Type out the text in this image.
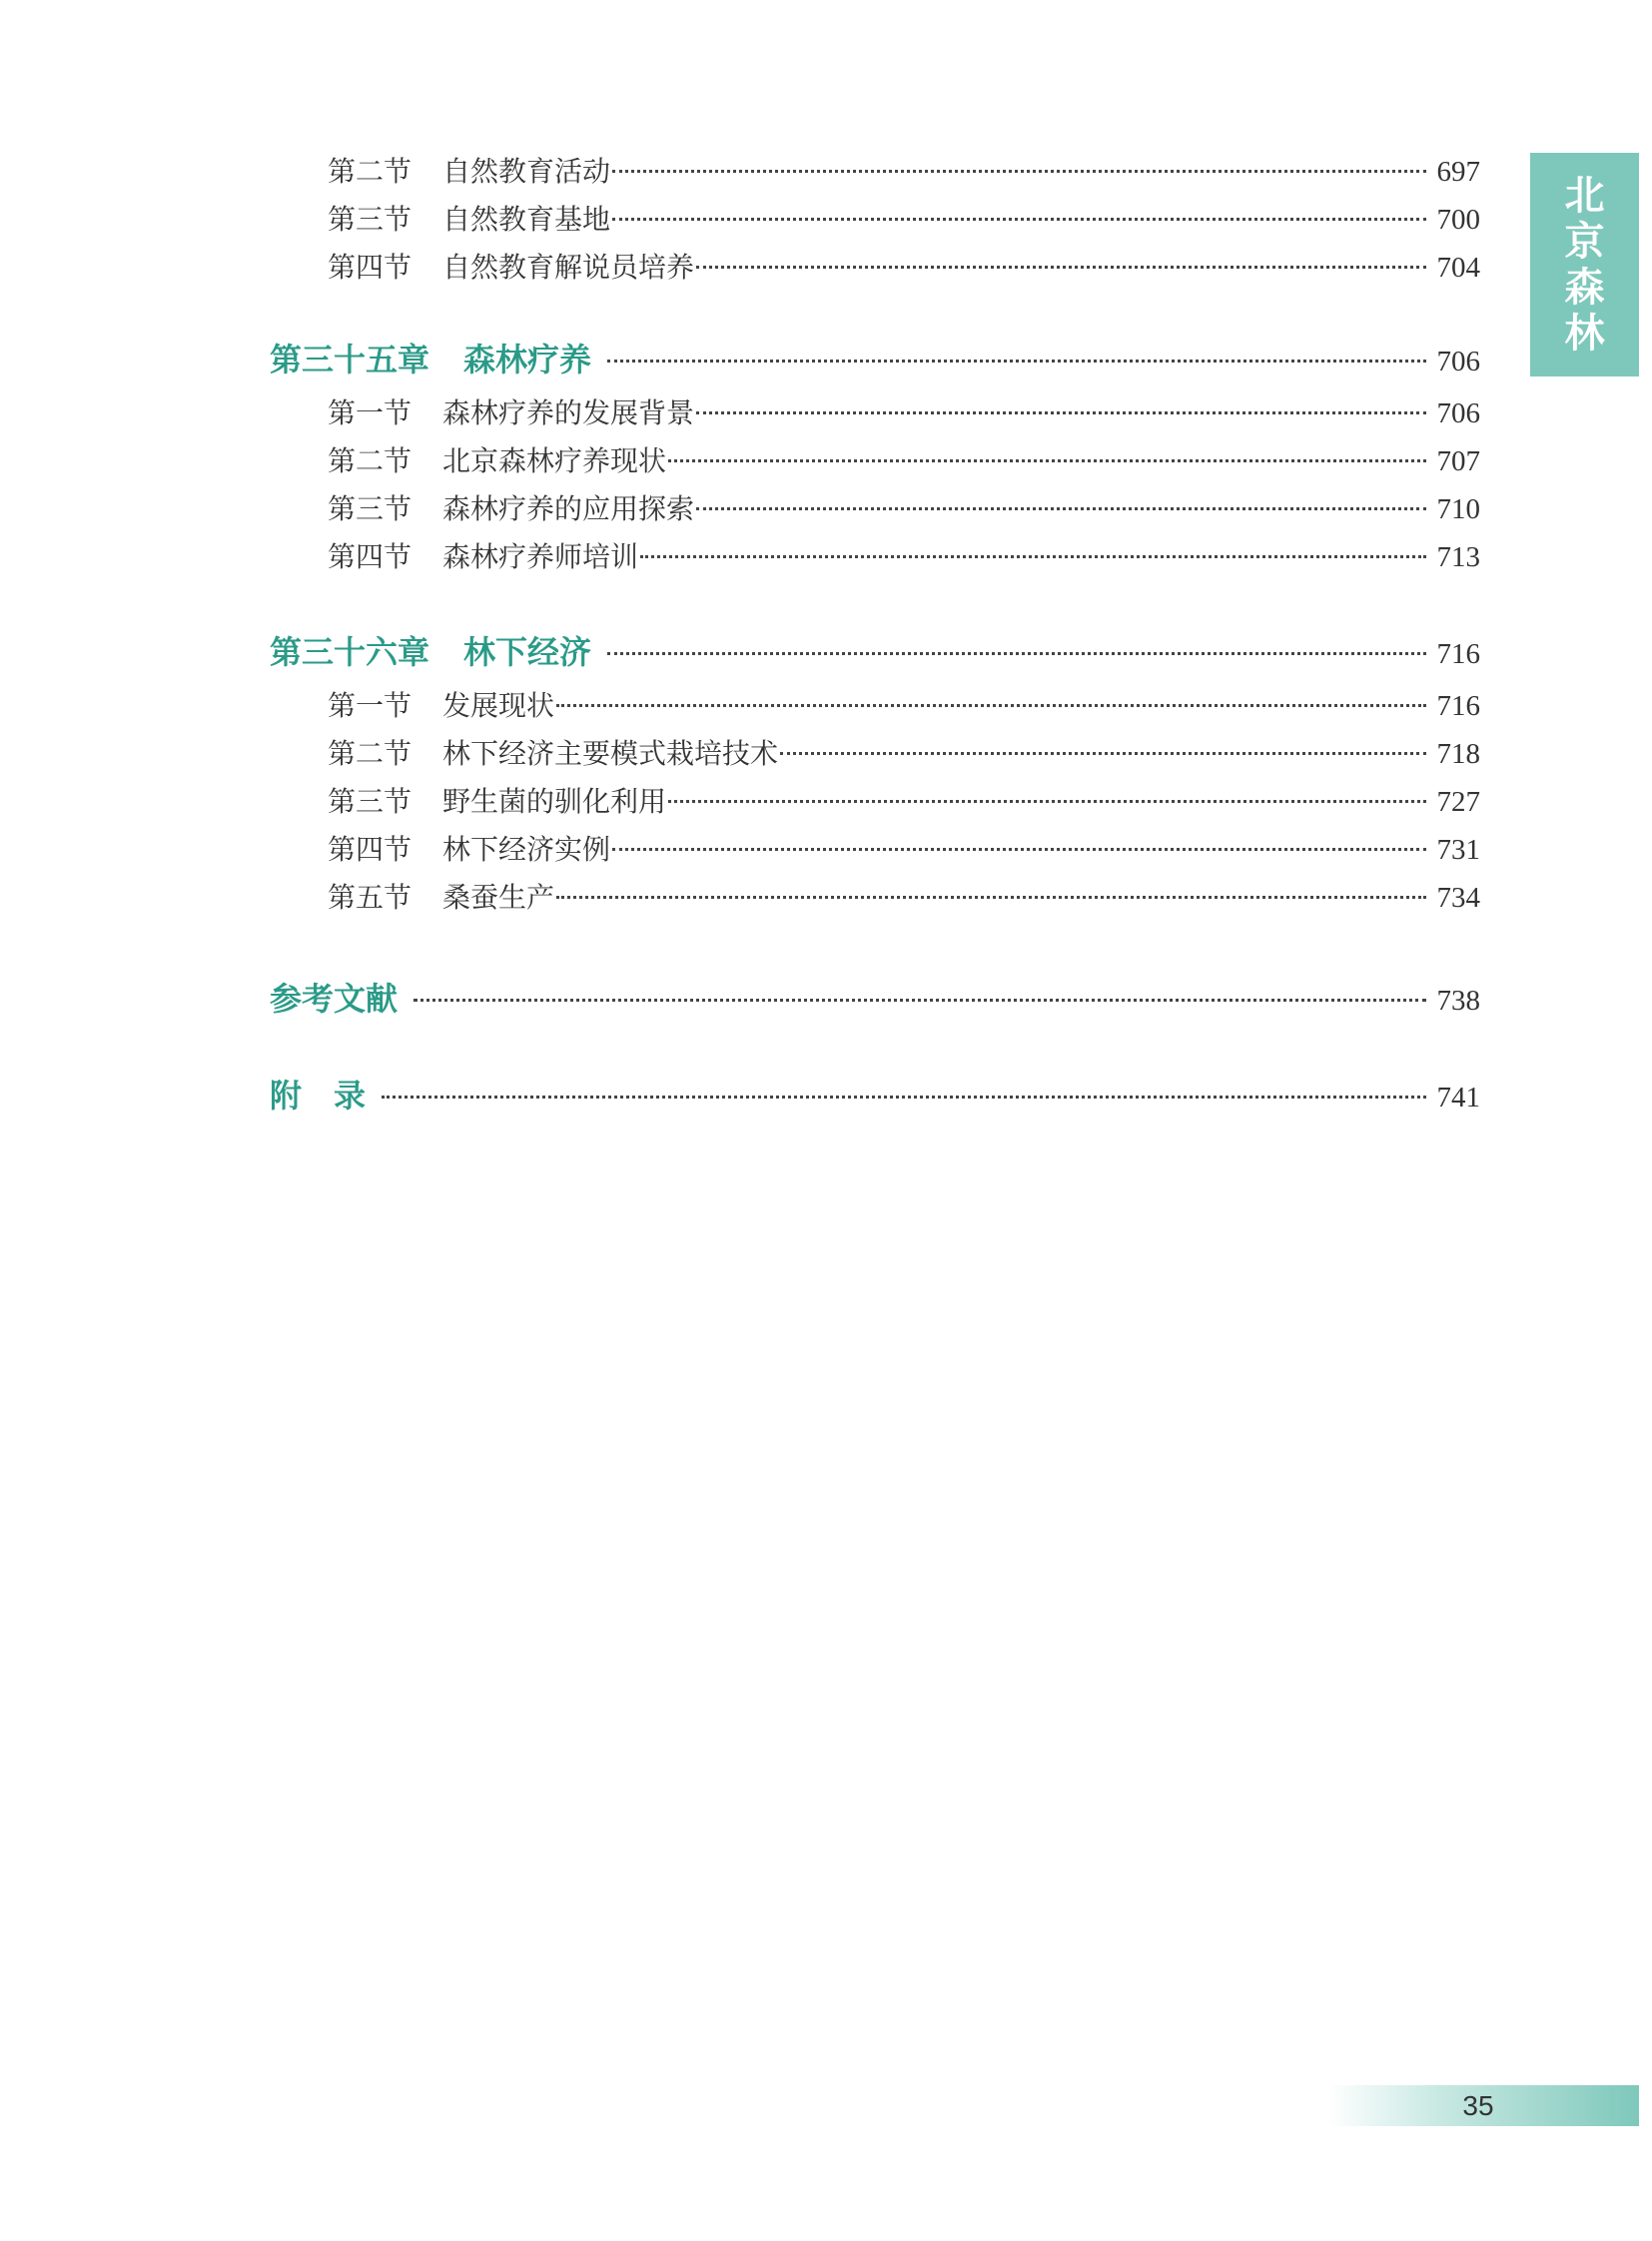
北
京
森
林
第二节	自然教育活动	697
第三节	自然教育基地	700
第四节	自然教育解说员培养	704
第三十五章 森林疗养	706
第一节	森林疗养的发展背景	706
第二节	北京森林疗养现状	707
第三节	森林疗养的应用探索	710
第四节	森林疗养师培训	713
第三十六章 林下经济	716
第一节	发展现状	716
第二节	林下经济主要模式栽培技术	718
第三节	野生菌的驯化利用	727
第四节	林下经济实例	731
第五节	桑蚕生产	734
参考文献	738
附　录	741
35
